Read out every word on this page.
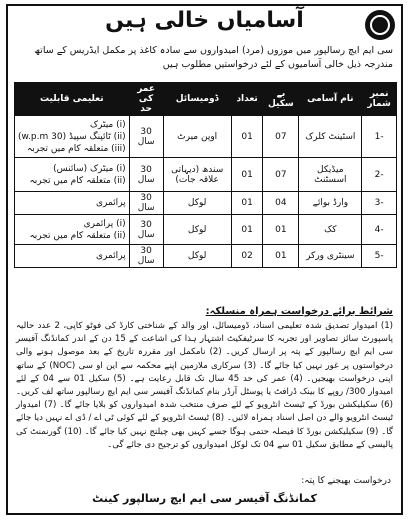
آسامیاں خالی ہیں
سی ایم ایچ رسالپور میں موزوں (مرد) امیدواروں سے سادہ کاغذ پر مکمل ایڈریس کے ساتھ مندرجہ ذیل خالی آسامیوں کے لئے درخواستیں مطلوب ہیں
نمبر شمار	نام آسامی	بے سکیل	تعداد	ڈومیسائل	عمر کی حد	تعلیمی قابلیت
-1	اسٹینٹ کلرک	07	01	اوپن میرٹ	30 سال	(i) میٹرک
(ii) ٹائپنگ سپیڈ (30 w.p.m)
(iii) متعلقہ کام میں تجربہ

-2	میڈیکل اسسٹنٹ	07	01	سندھ (دیہاتی علاقہ جات)	30 سال	(i) میٹرک (سائنس)
(ii) متعلقہ کام میں تجربہ

-3	وارڈ بوائے	04	01	لوکل	30 سال	پرائمری

-4	کک	01	01	لوکل	30 سال	(i) پرائمری
(ii) متعلقہ کام میں تجربہ

-5	سینٹری ورکر	01	02	لوکل	30 سال	پرائمری
شرائط برائے درخواست ہمراہ منسلکہ:
(1) امیدوار تصدیق شدہ تعلیمی اسناد، ڈومیسائل، اور والد کے شناختی کارڈ کی فوٹو کاپی، 2 عدد حالیہ پاسپورٹ سائز تصاویر اور تجربہ کا سرٹیفکیٹ اشتہار ہذا کی اشاعت کے 15 دن کے اندر کمانڈنگ آفیسر سی ایم ایچ رسالپور کے پتہ پر ارسال کریں۔ (2) نامکمل اور مقررہ تاریخ کے بعد موصول ہونے والی درخواستوں پر غور نہیں کیا جائے گا۔ (3) سرکاری ملازمین اپنے محکمہ سے این او سی (NOC) کے ساتھ اپنی درخواست بھیجیں۔ (4) عمر کی حد 45 سال تک قابل رعایت ہے۔ (5) سکیل 01 سے 04 کے لئے امیدوار 300/ روپے کا بینک ڈرافٹ یا پوسٹل آرڈر بنام کمانڈنگ آفیسر سی ایم ایچ رسالپور ساتھ لف کریں۔ (6) سکیلیکشن بورڈ کے ٹیسٹ انٹرویو کے لئے صرف منتخب شدہ امیدواروں کو بلایا جائے گا۔ (7) امیدوار ٹیسٹ انٹرویو والے دن اصل اسناد ہمراہ لائیں۔ (8) ٹیسٹ انٹرویو کے لئے کوئی ٹی اے / ڈی اے نہیں دیا جائے گا۔ (9) سکیلیکشن بورڈ کا فیصلہ حتمی ہوگا جسے کہیں بھی چیلنج نہیں کیا جائے گا۔ (10) گورنمنٹ کی پالیسی کے مطابق سکیل 01 سے 04 تک لوکل امیدواروں کو ترجیح دی جائے گی۔
درخواست بھیجنے کا پتہ:
کمانڈنگ آفیسر سی ایم ایچ رسالپور کینٹ
